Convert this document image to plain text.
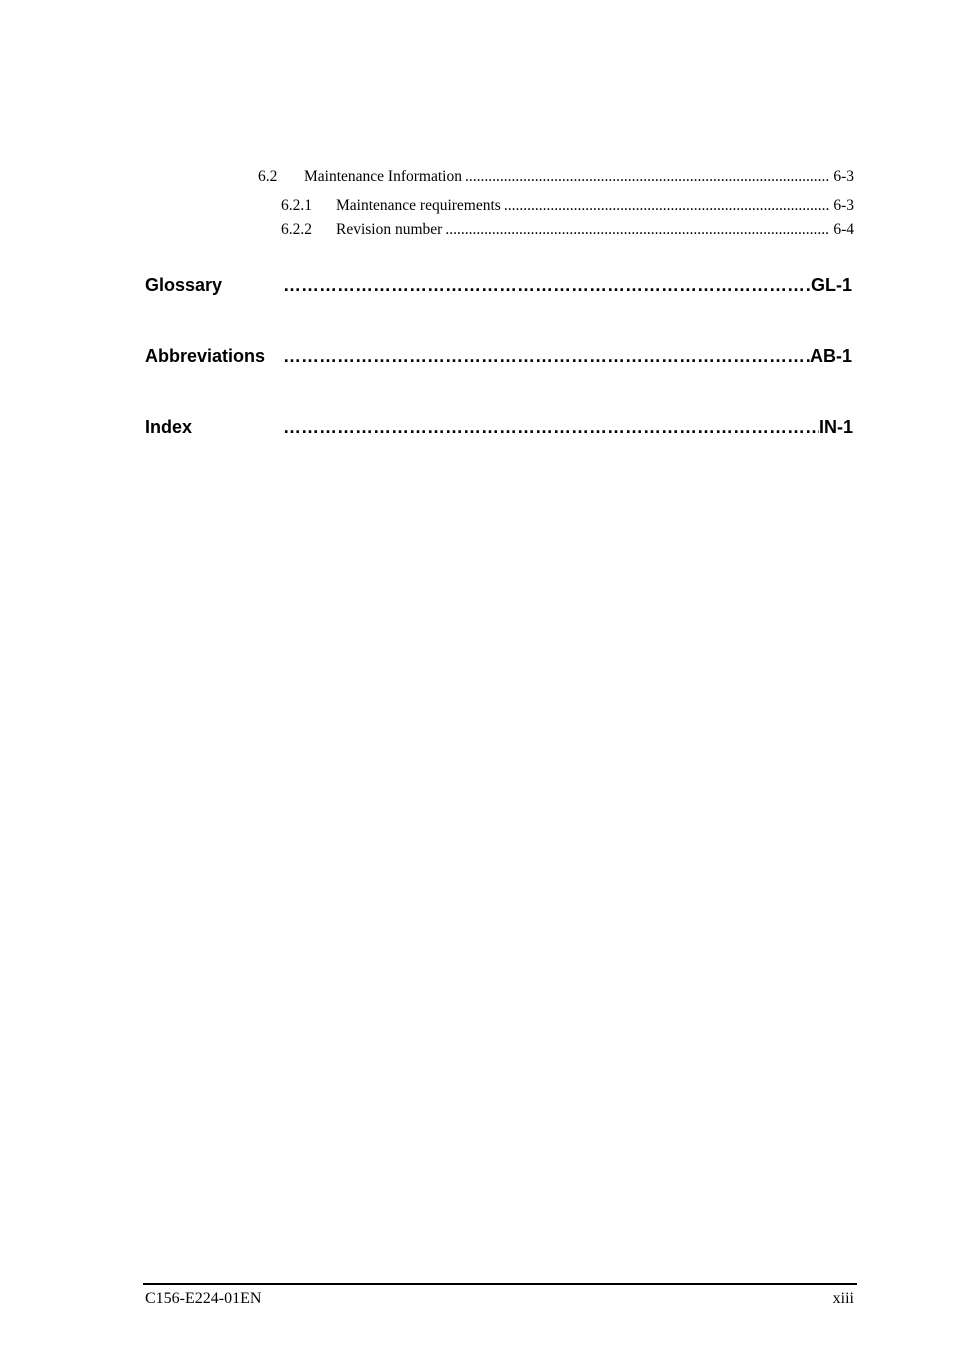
6.2	Maintenance Information .....	6-3
6.2.1	Maintenance requirements .....	6-3
6.2.2	Revision number .....	6-4
Glossary ……………………………………………………………………………………………………………………………	GL-1
Abbreviations ……………………………………………………………………………………………………………………………	AB-1
Index ……………………………………………………………………………………………………………………………	IN-1
C156-E224-01EN	xiii
